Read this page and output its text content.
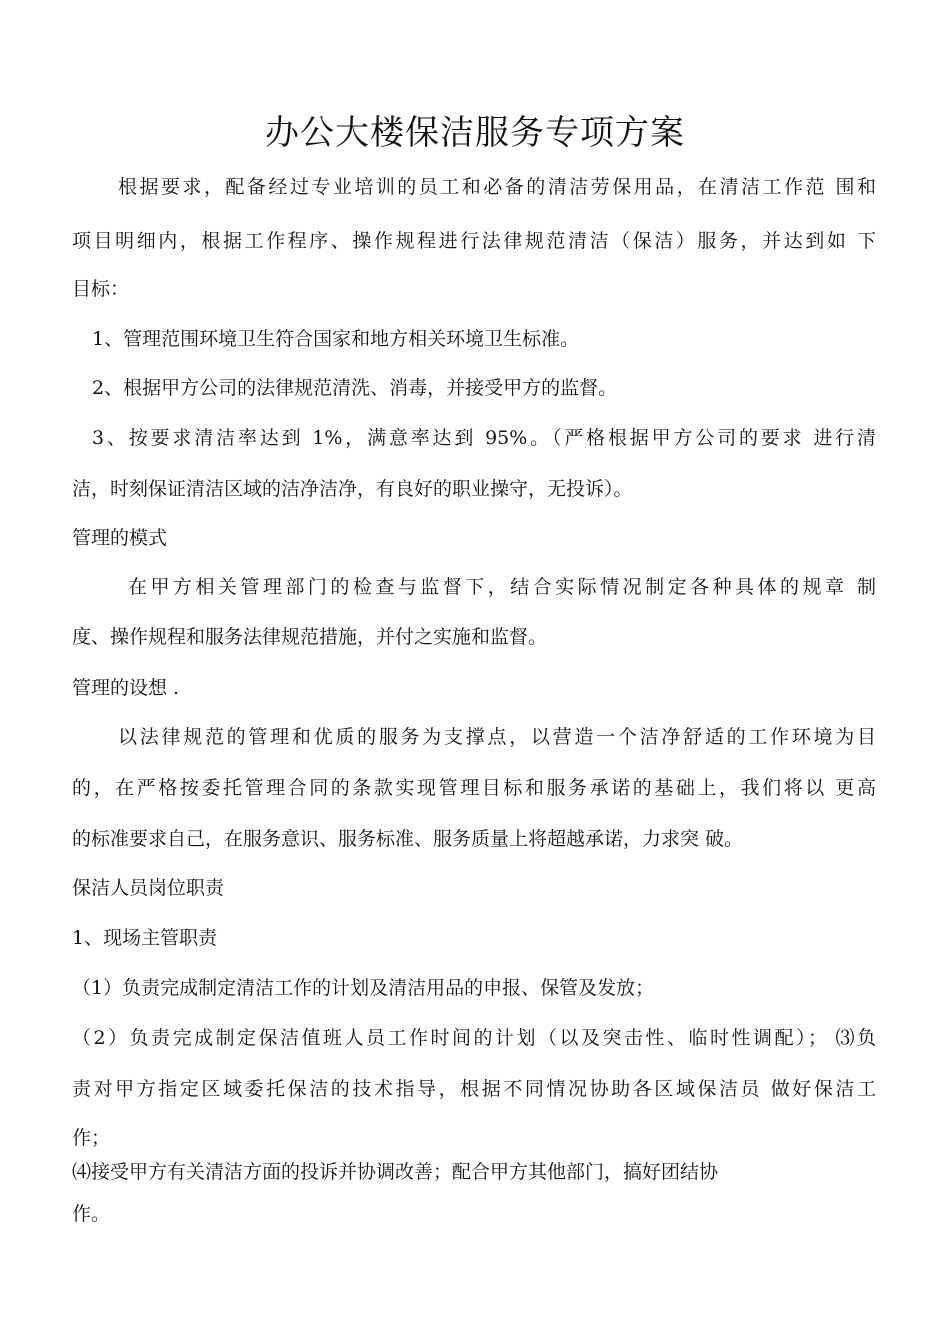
办公大楼保洁服务专项方案
根据要求，配备经过专业培训的员工和必备的清洁劳保用品，在清洁工作范 围和
项目明细内，根据工作程序、操作规程进行法律规范清洁（保洁）服务，并达到如 下
目标：
1、管理范围环境卫生符合国家和地方相关环境卫生标准。
2、根据甲方公司的法律规范清洗、消毒，并接受甲方的监督。
3、按要求清洁率达到 1%，满意率达到 95%。（严格根据甲方公司的要求 进行清
洁，时刻保证清洁区域的洁净洁净，有良好的职业操守，无投诉）。
管理的模式
在甲方相关管理部门的检查与监督下，结合实际情况制定各种具体的规章 制
度、操作规程和服务法律规范措施，并付之实施和监督。
管理的设想 .
以法律规范的管理和优质的服务为支撑点，以营造一个洁净舒适的工作环境为目
的，在严格按委托管理合同的条款实现管理目标和服务承诺的基础上，我们将以 更高
的标准要求自己，在服务意识、服务标准、服务质量上将超越承诺，力求突 破。
保洁人员岗位职责
1、现场主管职责
（1）负责完成制定清洁工作的计划及清洁用品的申报、保管及发放；
（2）负责完成制定保洁值班人员工作时间的计划（以及突击性、临时性调配）； ⑶负
责对甲方指定区域委托保洁的技术指导，根据不同情况协助各区域保洁员 做好保洁工
作；
⑷接受甲方有关清洁方面的投诉并协调改善；配合甲方其他部门，搞好团结协
作。
